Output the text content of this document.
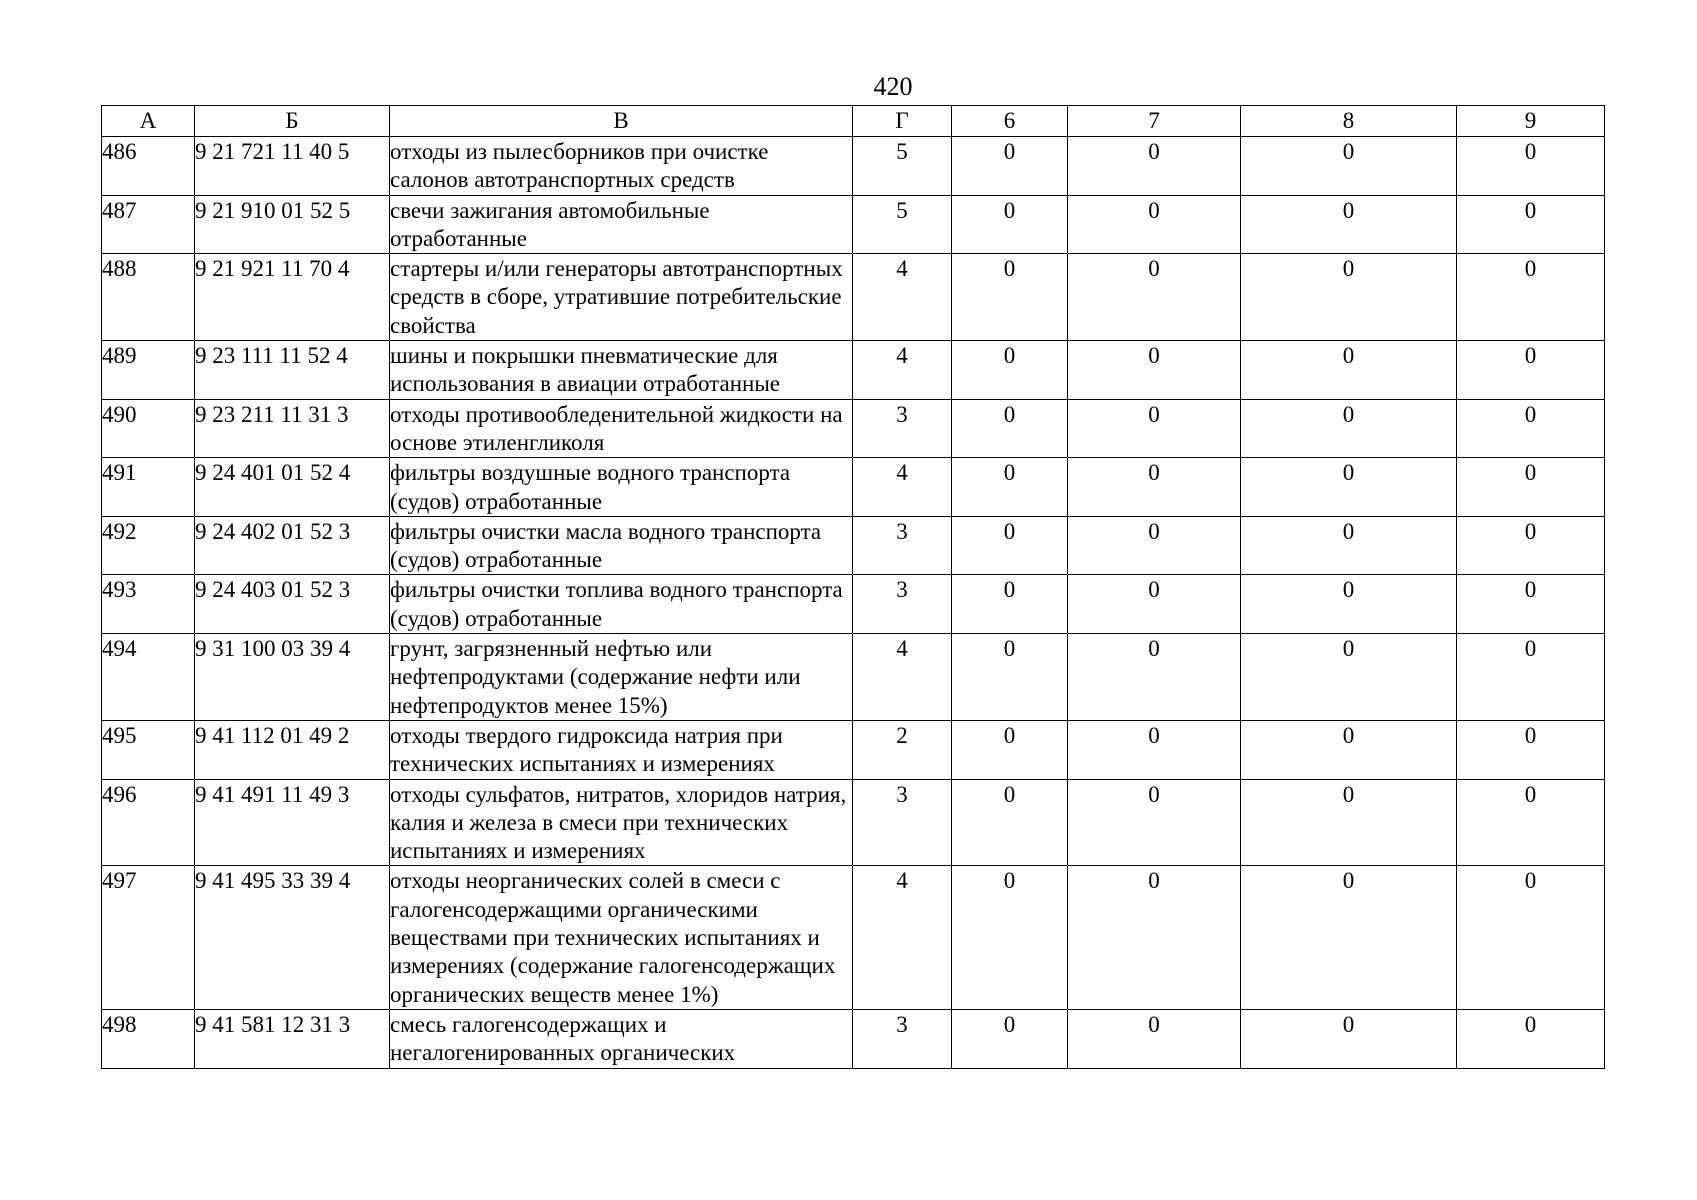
420
А	Б	В	Г	6	7	8	9
486	9 21 721 11 40 5	отходы из пылесборников при очистке салонов автотранспортных средств	5	0	0	0	0
487	9 21 910 01 52 5	свечи зажигания автомобильные отработанные	5	0	0	0	0
488	9 21 921 11 70 4	стартеры и/или генераторы автотранспортных средств в сборе, утратившие потребительские свойства	4	0	0	0	0
489	9 23 111 11 52 4	шины и покрышки пневматические для использования в авиации отработанные	4	0	0	0	0
490	9 23 211 11 31 3	отходы противообледенительной жидкости на основе этиленгликоля	3	0	0	0	0
491	9 24 401 01 52 4	фильтры воздушные водного транспорта (судов) отработанные	4	0	0	0	0
492	9 24 402 01 52 3	фильтры очистки масла водного транспорта (судов) отработанные	3	0	0	0	0
493	9 24 403 01 52 3	фильтры очистки топлива водного транспорта (судов) отработанные	3	0	0	0	0
494	9 31 100 03 39 4	грунт, загрязненный нефтью или нефтепродуктами (содержание нефти или нефтепродуктов менее 15%)	4	0	0	0	0
495	9 41 112 01 49 2	отходы твердого гидроксида натрия при технических испытаниях и измерениях	2	0	0	0	0
496	9 41 491 11 49 3	отходы сульфатов, нитратов, хлоридов натрия, калия и железа в смеси при технических испытаниях и измерениях	3	0	0	0	0
497	9 41 495 33 39 4	отходы неорганических солей в смеси с галогенсодержащими органическими веществами при технических испытаниях и измерениях (содержание галогенсодержащих органических веществ менее 1%)	4	0	0	0	0
498	9 41 581 12 31 3	смесь галогенсодержащих и негалогенированных органических	3	0	0	0	0
